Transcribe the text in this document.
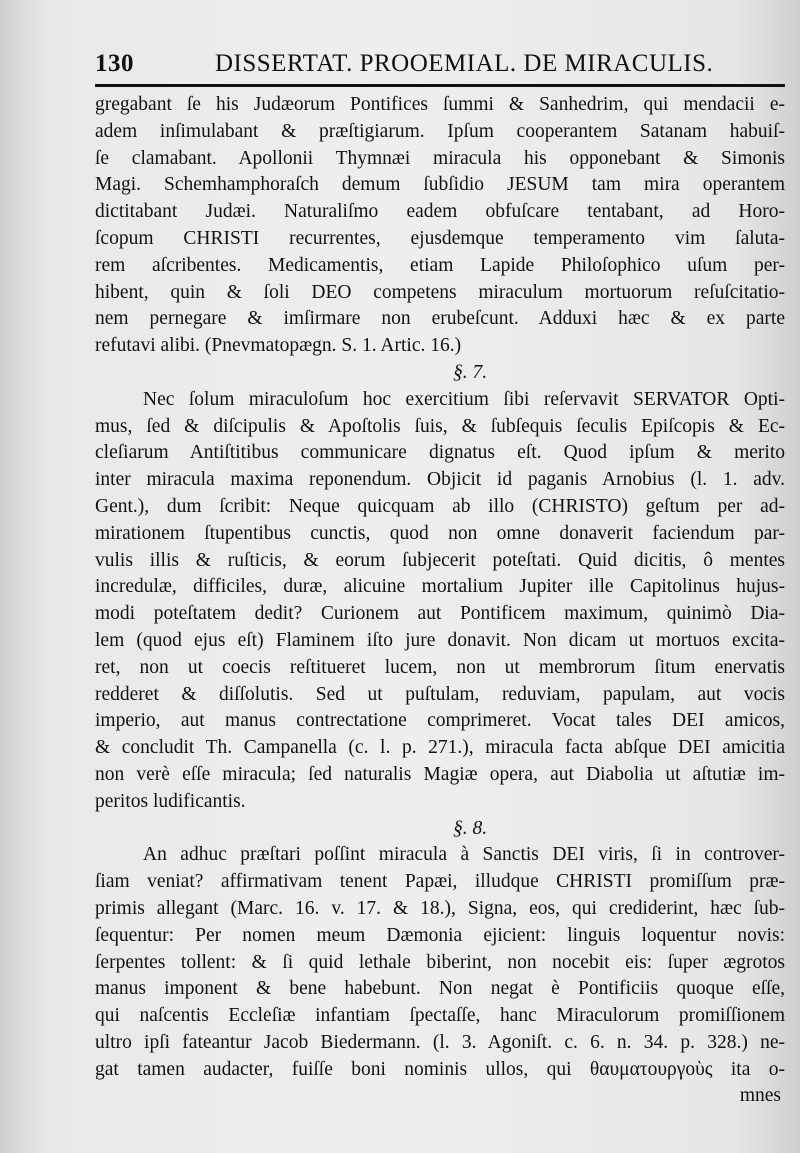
130	DISSERTAT. PROOEMIAL. DE MIRACULIS.
gregabant ſe his Judæorum Pontifices ſummi & Sanhedrim, qui mendacii e-
adem inſimulabant & præſtigiarum. Ipſum cooperantem Satanam habuiſ-
ſe clamabant. Apollonii Thymnæi miracula his opponebant & Simonis
Magi. Schemhamphoraſch demum ſubſidio JESUM tam mira operantem
dictitabant Judæi. Naturaliſmo eadem obfuſcare tentabant, ad Horo-
ſcopum CHRISTI recurrentes, ejusdemque temperamento vim ſaluta-
rem aſcribentes. Medicamentis, etiam Lapide Philoſophico uſum per-
hibent, quin & ſoli DEO competens miraculum mortuorum reſuſcitatio-
nem pernegare & imſirmare non erubeſcunt. Adduxi hæc & ex parte
refutavi alibi. (Pnevmatopægn. S. 1. Artic. 16.)
§. 7.
Nec ſolum miraculoſum hoc exercitium ſibi reſervavit SERVATOR Opti-
mus, ſed & diſcipulis & Apoſtolis ſuis, & ſubſequis ſeculis Epiſcopis & Ec-
cleſiarum Antiſtitibus communicare dignatus eſt. Quod ipſum & merito
inter miracula maxima reponendum. Objicit id paganis Arnobius (l. 1. adv.
Gent.), dum ſcribit: Neque quicquam ab illo (CHRISTO) geſtum per ad-
mirationem ſtupentibus cunctis, quod non omne donaverit faciendum par-
vulis illis & ruſticis, & eorum ſubjecerit poteſtati. Quid dicitis, ô mentes
incredulæ, difficiles, duræ, alicuine mortalium Jupiter ille Capitolinus hujus-
modi poteſtatem dedit? Curionem aut Pontificem maximum, quinimò Dia-
lem (quod ejus eſt) Flaminem iſto jure donavit. Non dicam ut mortuos excita-
ret, non ut coecis reſtitueret lucem, non ut membrorum ſitum enervatis
redderet & diſſolutis. Sed ut puſtulam, reduviam, papulam, aut vocis
imperio, aut manus contrectatione comprimeret. Vocat tales DEI amicos,
& concludit Th. Campanella (c. l. p. 271.), miracula facta abſque DEI amicitia
non verè eſſe miracula; ſed naturalis Magiæ opera, aut Diabolia ut aſtutiæ im-
peritos ludificantis.
§. 8.
An adhuc præſtari poſſint miracula à Sanctis DEI viris, ſi in controver-
ſiam veniat? affirmativam tenent Papæi, illudque CHRISTI promiſſum præ-
primis allegant (Marc. 16. v. 17. & 18.), Signa, eos, qui crediderint, hæc ſub-
ſequentur: Per nomen meum Dæmonia ejicient: linguis loquentur novis:
ſerpentes tollent: & ſi quid lethale biberint, non nocebit eis: ſuper ægrotos
manus imponent & bene habebunt. Non negat è Pontificiis quoque eſſe,
qui naſcentis Eccleſiæ infantiam ſpectaſſe, hanc Miraculorum promiſſionem
ultro ipſi fateantur Jacob Biedermann. (l. 3. Agoniſt. c. 6. n. 34. p. 328.) ne-
gat tamen audacter, fuiſſe boni nominis ullos, qui θαυματουργοὺς ita o-
mnes
